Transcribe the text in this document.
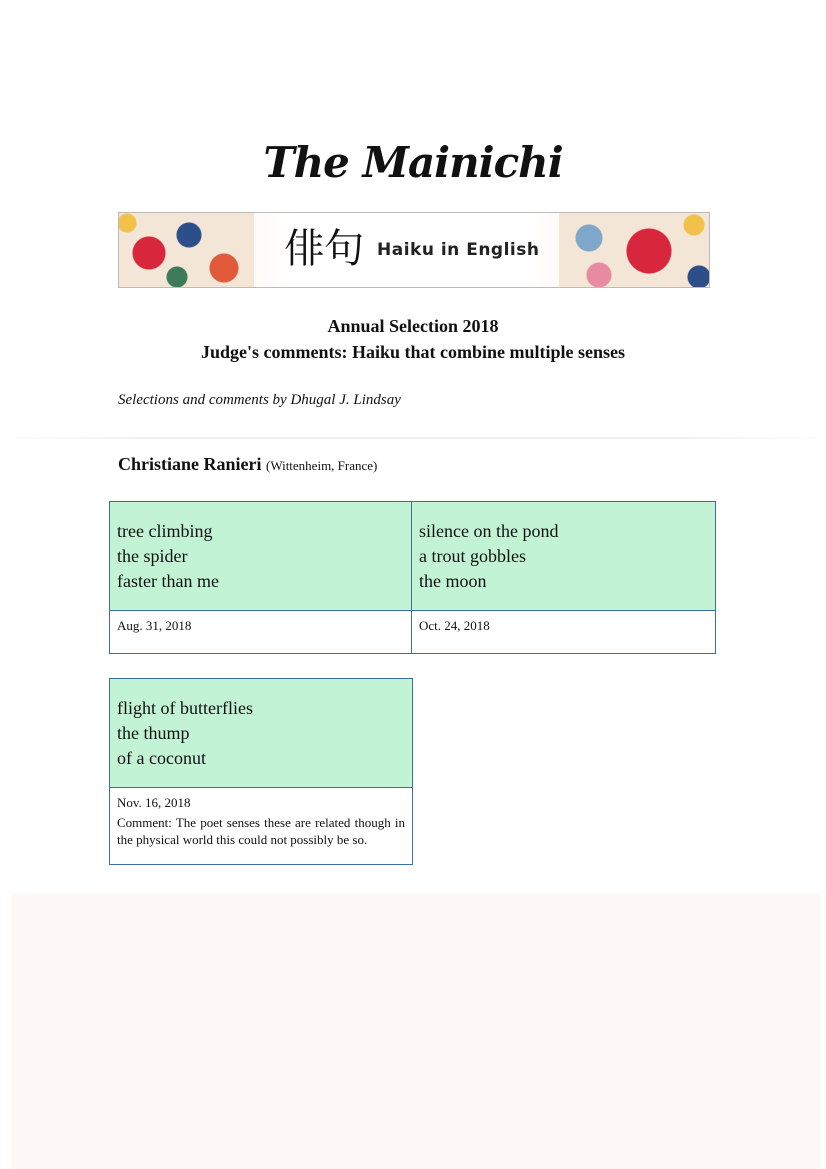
The Mainichi
俳句 Haiku in English
Annual Selection 2018
Judge's comments: Haiku that combine multiple senses
Selections and comments by Dhugal J. Lindsay
Christiane Ranieri (Wittenheim, France)
tree climbing
the spider
faster than me
Aug. 31, 2018
silence on the pond
a trout gobbles
the moon
Oct. 24, 2018
flight of butterflies
the thump
of a coconut
Nov. 16, 2018
Comment: The poet senses these are related though in the physical world this could not possibly be so.
